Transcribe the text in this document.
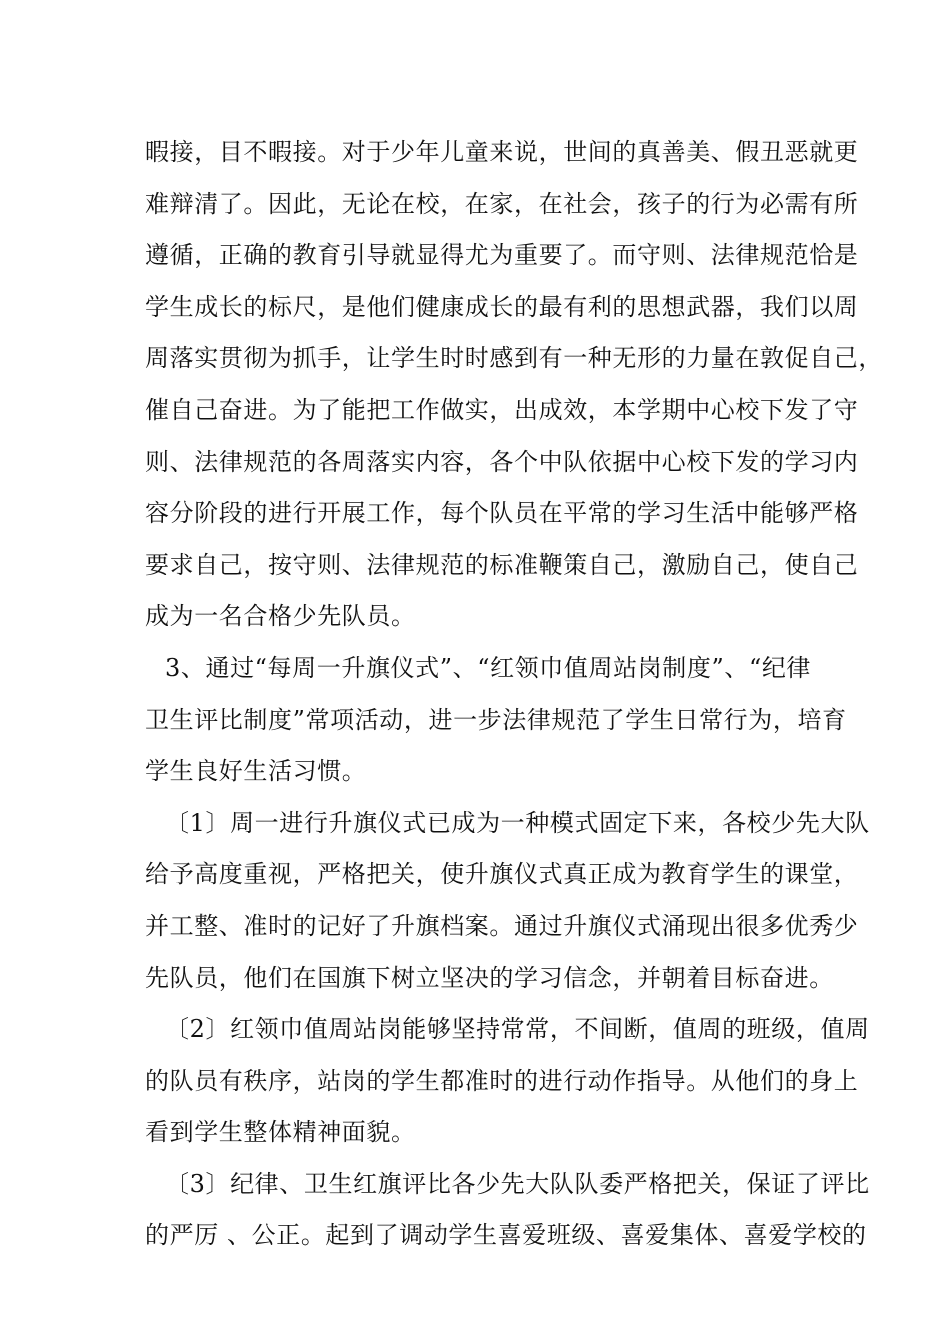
暇接，目不暇接。对于少年儿童来说，世间的真善美、假丑恶就更
难辩清了。因此，无论在校，在家，在社会，孩子的行为必需有所
遵循，正确的教育引导就显得尤为重要了。而守则、法律规范恰是
学生成长的标尺，是他们健康成长的最有利的思想武器，我们以周
周落实贯彻为抓手，让学生时时感到有一种无形的力量在敦促自己，
催自己奋进。为了能把工作做实，出成效，本学期中心校下发了守
则、法律规范的各周落实内容，各个中队依据中心校下发的学习内
容分阶段的进行开展工作，每个队员在平常的学习生活中能够严格
要求自己，按守则、法律规范的标准鞭策自己，激励自己，使自己
成为一名合格少先队员。
3、通过“每周一升旗仪式”、“红领巾值周站岗制度”、“纪律
卫生评比制度”常项活动，进一步法律规范了学生日常行为，培育
学生良好生活习惯。
〔1〕周一进行升旗仪式已成为一种模式固定下来，各校少先大队
给予高度重视，严格把关，使升旗仪式真正成为教育学生的课堂，
并工整、准时的记好了升旗档案。通过升旗仪式涌现出很多优秀少
先队员，他们在国旗下树立坚决的学习信念，并朝着目标奋进。
〔2〕红领巾值周站岗能够坚持常常，不间断，值周的班级，值周
的队员有秩序，站岗的学生都准时的进行动作指导。从他们的身上
看到学生整体精神面貌。
〔3〕纪律、卫生红旗评比各少先大队队委严格把关，保证了评比
的严厉 、公正。起到了调动学生喜爱班级、喜爱集体、喜爱学校的
